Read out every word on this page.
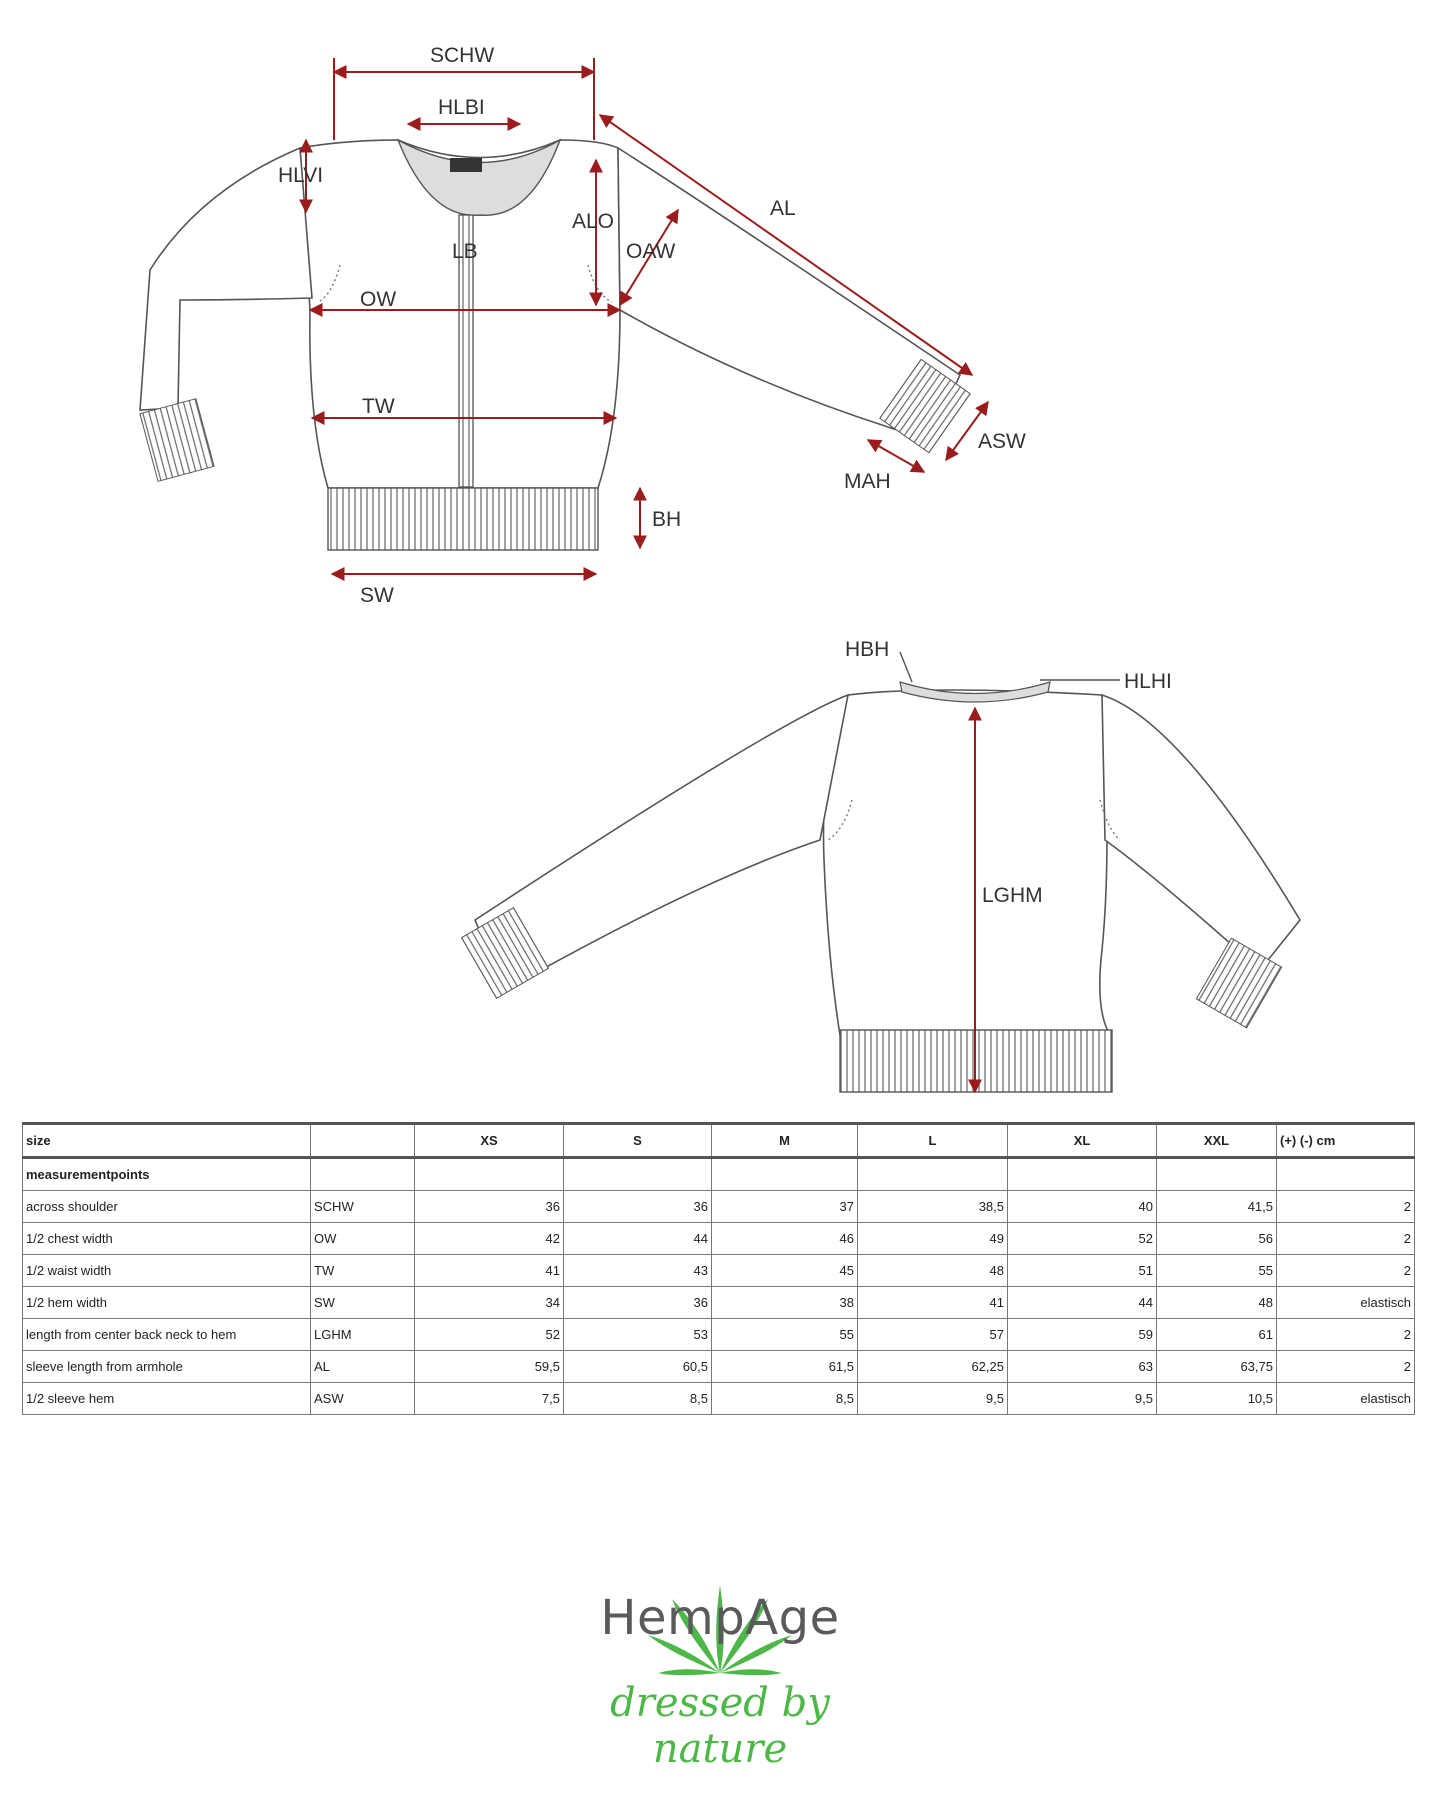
SCHW
HLBI
HLVI
ALO
AL
LB	OAW
OW
TW
BH
SW
ASW
MAH
HBH
HLHI
LGHM
size		XS	S	M	L	XL	XXL	(+) (-) cm
measurementpoints								
across shoulder	SCHW	36	36	37	38,5	40	41,5	2
1/2 chest width	OW	42	44	46	49	52	56	2
1/2 waist width	TW	41	43	45	48	51	55	2
1/2 hem width	SW	34	36	38	41	44	48	elastisch
length from center back neck to hem	LGHM	52	53	55	57	59	61	2
sleeve length from armhole	AL	59,5	60,5	61,5	62,25	63	63,75	2
1/2 sleeve hem	ASW	7,5	8,5	8,5	9,5	9,5	10,5	elastisch
HempAge
dressed by nature
